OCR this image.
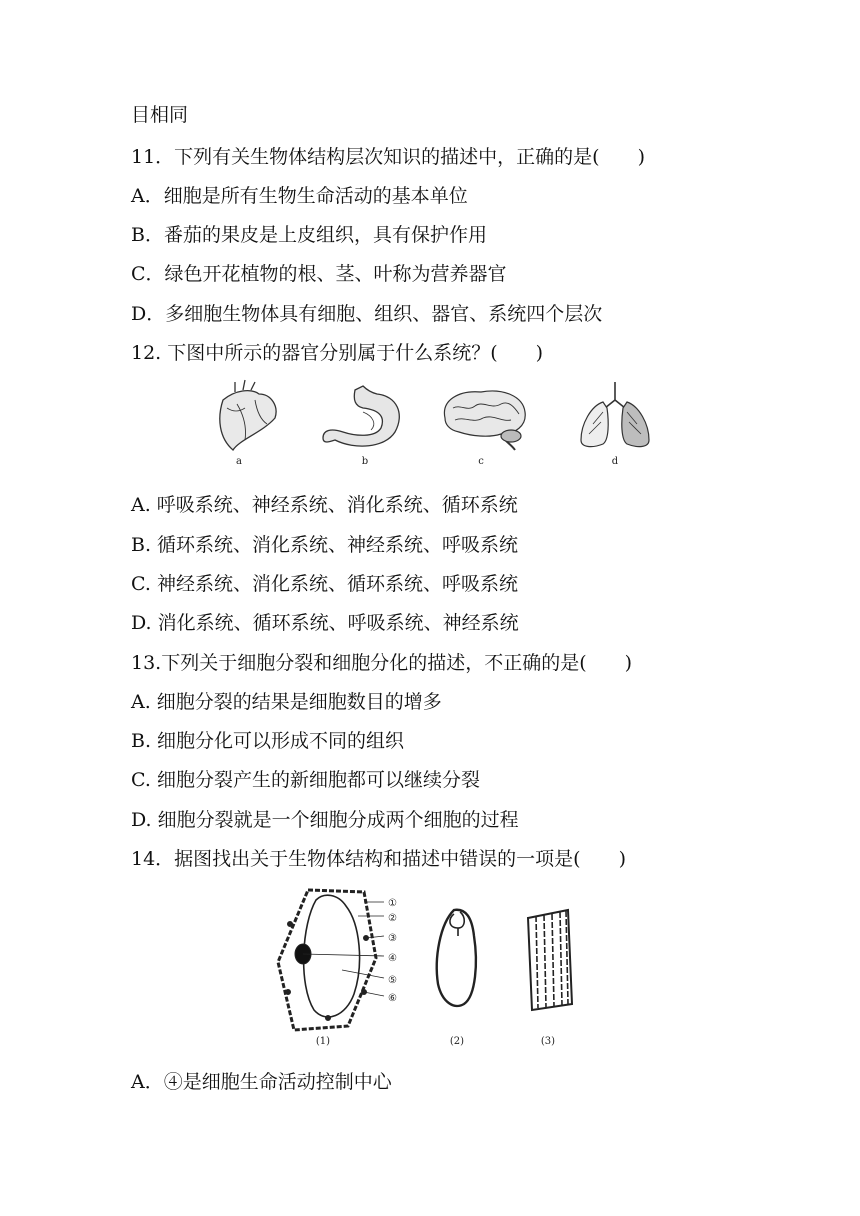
目相同
11．下列有关生物体结构层次知识的描述中，正确的是(　　)
A．细胞是所有生物生命活动的基本单位
B．番茄的果皮是上皮组织，具有保护作用
C．绿色开花植物的根、茎、叶称为营养器官
D．多细胞生物体具有细胞、组织、器官、系统四个层次
12. 下图中所示的器官分别属于什么系统？(　　)
a	b	c	d
A. 呼吸系统、神经系统、消化系统、循环系统
B. 循环系统、消化系统、神经系统、呼吸系统
C. 神经系统、消化系统、循环系统、呼吸系统
D. 消化系统、循环系统、呼吸系统、神经系统
13.下列关于细胞分裂和细胞分化的描述，不正确的是(　　)
A. 细胞分裂的结果是细胞数目的增多
B. 细胞分化可以形成不同的组织
C. 细胞分裂产生的新细胞都可以继续分裂
D. 细胞分裂就是一个细胞分成两个细胞的过程
14．据图找出关于生物体结构和描述中错误的一项是(　　)
①
②
③
④
⑤
⑥
(1)	(2)	(3)
A．④是细胞生命活动控制中心
